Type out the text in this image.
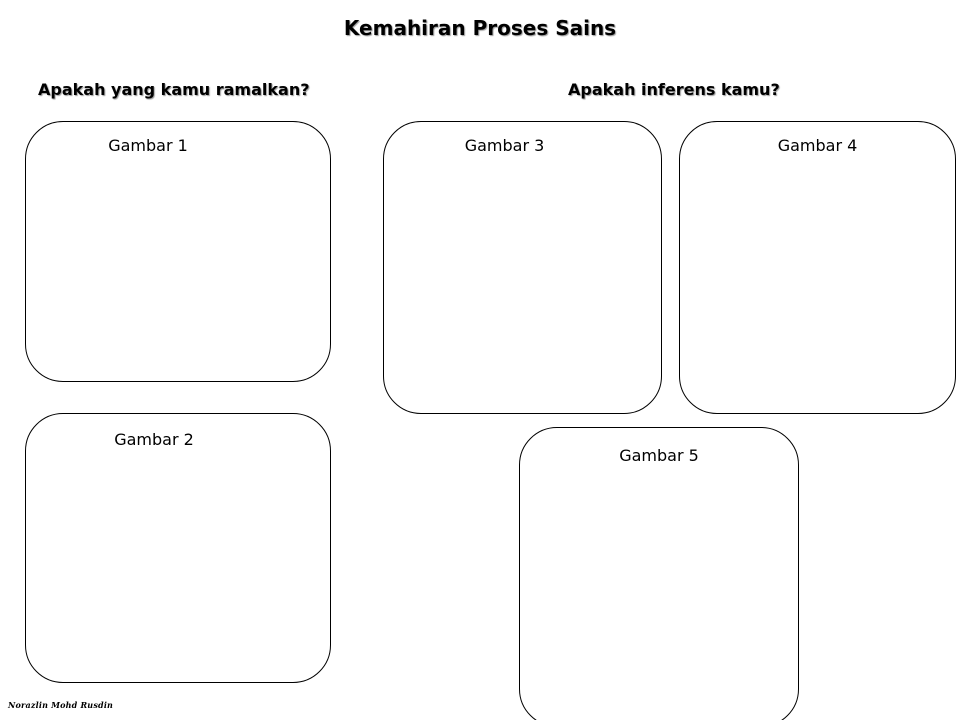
Kemahiran Proses Sains
Apakah yang kamu ramalkan?	Apakah inferens kamu?
Gambar 1
Gambar 2
Gambar 3	Gambar 4
Gambar 5
Norazlin Mohd Rusdin
